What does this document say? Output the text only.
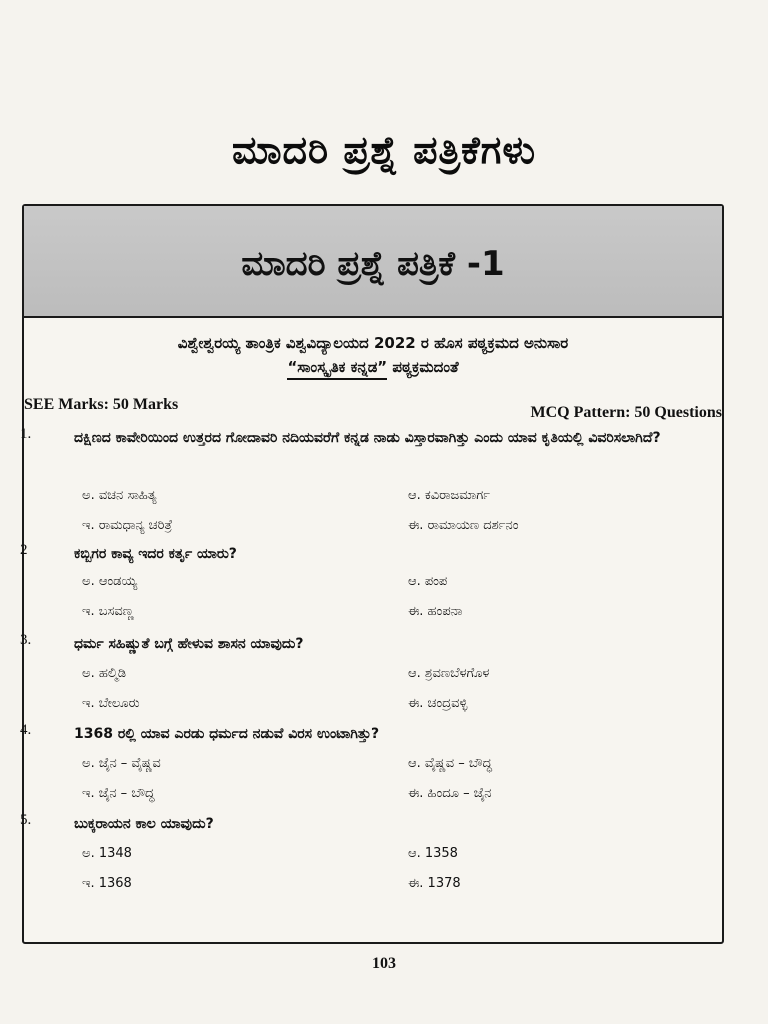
ಮಾದರಿ ಪ್ರಶ್ನೆ ಪತ್ರಿಕೆಗಳು
ಮಾದರಿ ಪ್ರಶ್ನೆ ಪತ್ರಿಕೆ -1
ವಿಶ್ವೇಶ್ವರಯ್ಯ ತಾಂತ್ರಿಕ ವಿಶ್ವವಿದ್ಯಾಲಯದ 2022 ರ ಹೊಸ ಪಠ್ಯಕ್ರಮದ ಅನುಸಾರ
“ಸಾಂಸ್ಕೃತಿಕ ಕನ್ನಡ” ಪಠ್ಯಕ್ರಮದಂತೆ
SEE Marks: 50 Marks	MCQ Pattern: 50 Questions
1.	ದಕ್ಷಿಣದ ಕಾವೇರಿಯಿಂದ ಉತ್ತರದ ಗೋದಾವರಿ ನದಿಯವರೆಗೆ ಕನ್ನಡ ನಾಡು ವಿಸ್ತಾರವಾಗಿತ್ತು ಎಂದು ಯಾವ ಕೃತಿಯಲ್ಲಿ ವಿವರಿಸಲಾಗಿದೆ?
ಅ. ವಚನ ಸಾಹಿತ್ಯ	ಆ. ಕವಿರಾಜಮಾರ್ಗ
ಇ. ರಾಮಧಾನ್ಯ ಚರಿತ್ರೆ	ಈ. ರಾಮಾಯಣ ದರ್ಶನಂ
2	ಕಬ್ಬಿಗರ ಕಾವ್ಯ ಇದರ ಕರ್ತೃ ಯಾರು?
ಅ. ಆಂಡಯ್ಯ	ಆ. ಪಂಪ
ಇ. ಬಸವಣ್ಣ	ಈ. ಹಂಪನಾ
3.	ಧರ್ಮ ಸಹಿಷ್ಣುತೆ ಬಗ್ಗೆ ಹೇಳುವ ಶಾಸನ ಯಾವುದು?
ಅ. ಹಲ್ಮಿಡಿ	ಆ. ಶ್ರವಣಬೆಳಗೊಳ
ಇ. ಬೇಲೂರು	ಈ. ಚಂದ್ರವಳ್ಳಿ
4.	1368 ರಲ್ಲಿ ಯಾವ ಎರಡು ಧರ್ಮದ ನಡುವೆ ವಿರಸ ಉಂಟಾಗಿತ್ತು?
ಅ. ಜೈನ – ವೈಷ್ಣವ	ಆ. ವೈಷ್ಣವ – ಬೌದ್ಧ
ಇ. ಜೈನ – ಬೌದ್ಧ	ಈ. ಹಿಂದೂ – ಜೈನ
5.	ಬುಕ್ಕರಾಯನ ಕಾಲ ಯಾವುದು?
ಅ. 1348	ಆ. 1358
ಇ. 1368	ಈ. 1378
103
